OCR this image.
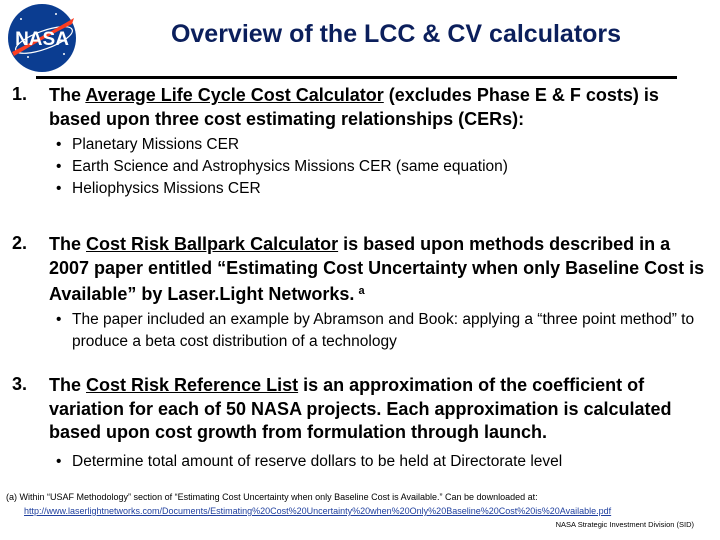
NASA	Overview of the LCC & CV calculators
1. The Average Life Cycle Cost Calculator (excludes Phase E & F costs) is based upon three cost estimating relationships (CERs):
• Planetary Missions CER
• Earth Science and Astrophysics Missions CER (same equation)
• Heliophysics Missions CER
2. The Cost Risk Ballpark Calculator is based upon methods described in a 2007 paper entitled “Estimating Cost Uncertainty when only Baseline Cost is Available” by Laser.Light Networks. $^a$
• The paper included an example by Abramson and Book: applying a “three point method” to produce a beta cost distribution of a technology
3. The Cost Risk Reference List is an approximation of the coefficient of variation for each of 50 NASA projects. Each approximation is calculated based upon cost growth from formulation through launch.
• Determine total amount of reserve dollars to be held at Directorate level
(a) Within “USAF Methodology” section of “Estimating Cost Uncertainty when only Baseline Cost is Available.” Can be downloaded at:
http://www.laserlightnetworks.com/Documents/Estimating%20Cost%20Uncertainty%20when%20Only%20Baseline%20Cost%20is%20Available.pdf
NASA Strategic Investment Division (SID)
